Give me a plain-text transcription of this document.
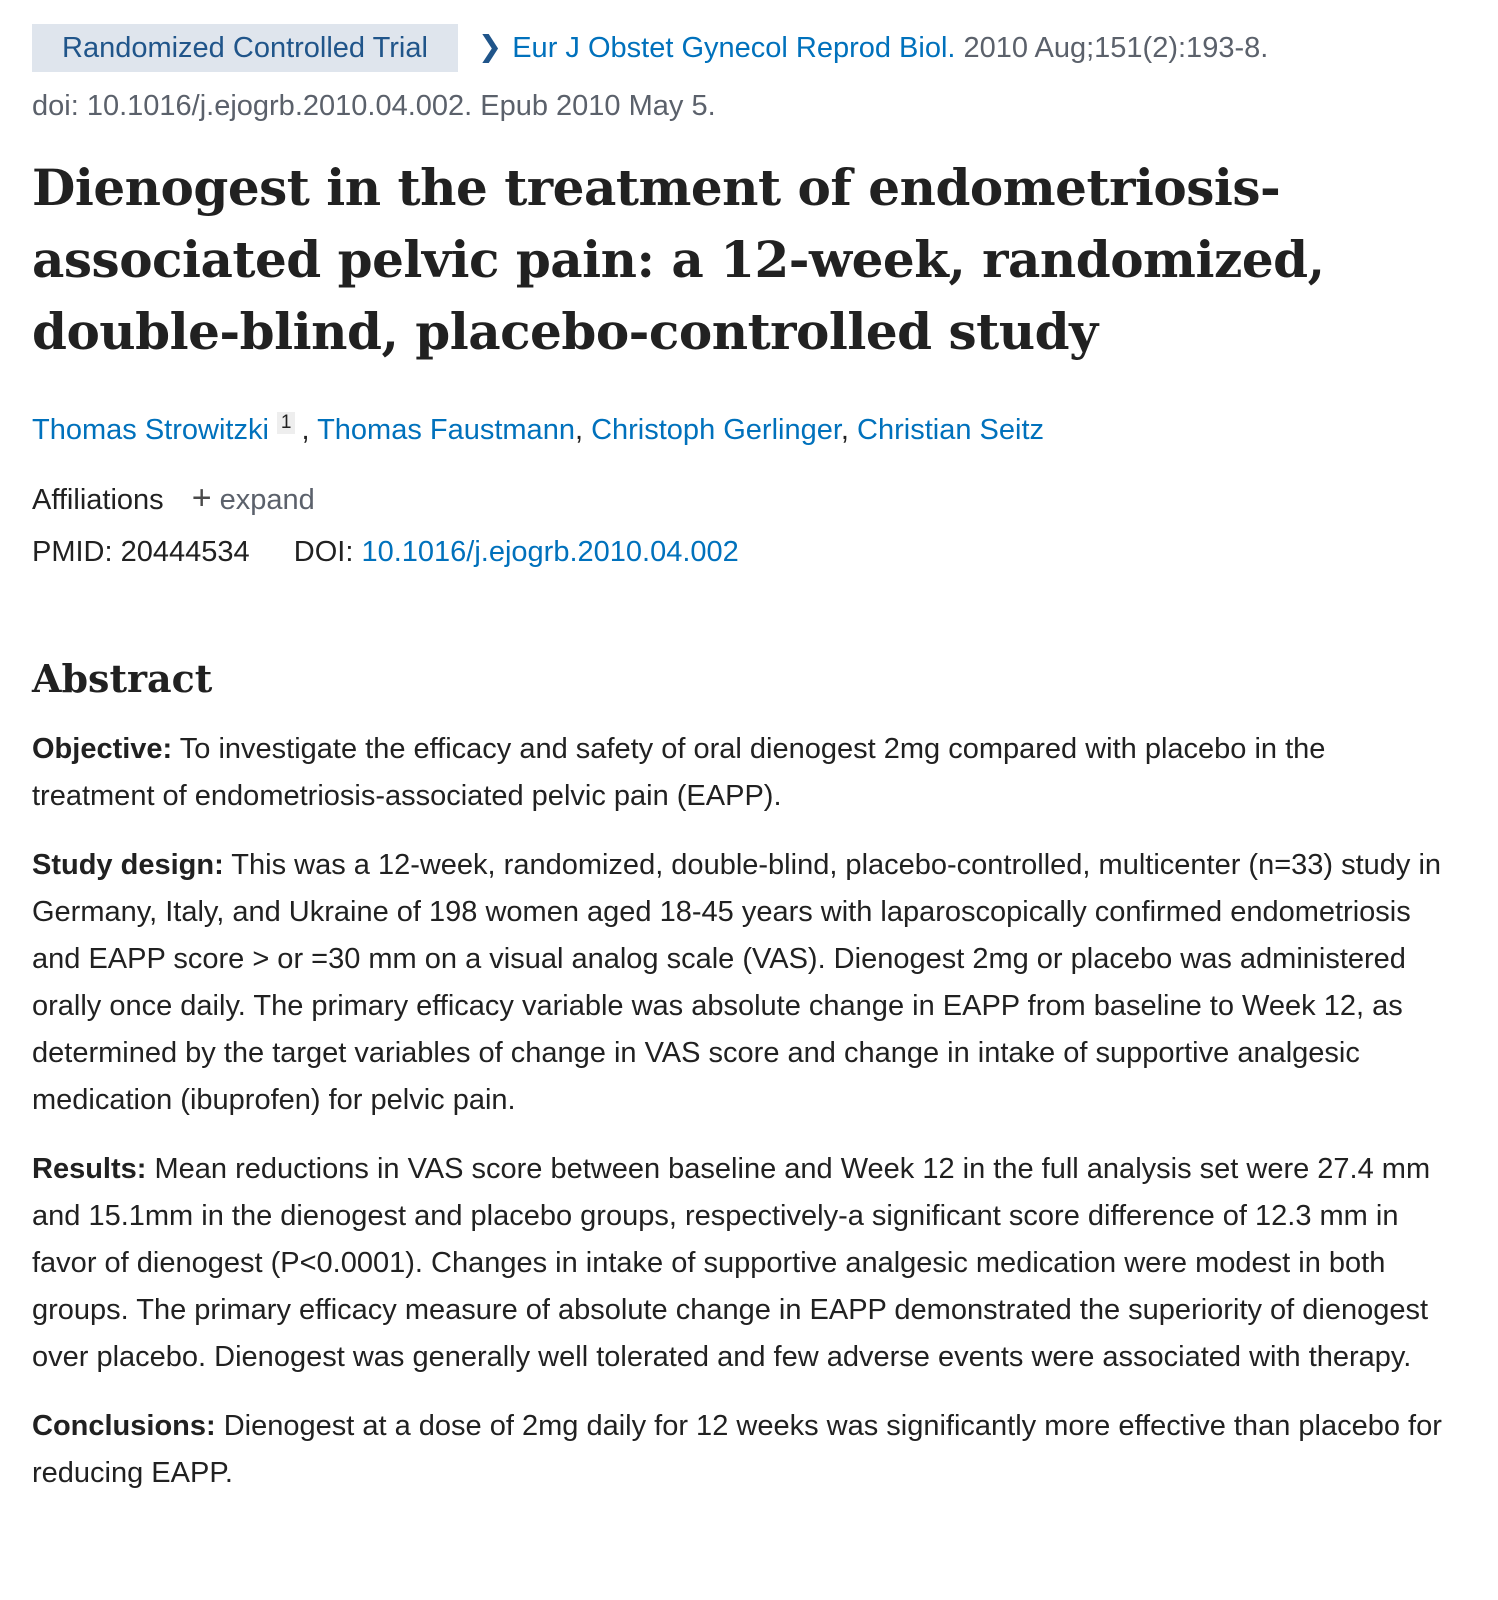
Randomized Controlled Trial ❯ Eur J Obstet Gynecol Reprod Biol. 2010 Aug;151(2):193-8.
doi: 10.1016/j.ejogrb.2010.04.002. Epub 2010 May 5.
Dienogest in the treatment of endometriosis-associated pelvic pain: a 12-week, randomized, double-blind, placebo-controlled study
Thomas Strowitzki 1 , Thomas Faustmann, Christoph Gerlinger, Christian Seitz
Affiliations + expand
PMID: 20444534 DOI: 10.1016/j.ejogrb.2010.04.002
Abstract

Objective: To investigate the efficacy and safety of oral dienogest 2mg compared with placebo in the treatment of endometriosis-associated pelvic pain (EAPP).

Study design: This was a 12-week, randomized, double-blind, placebo-controlled, multicenter (n=33) study in Germany, Italy, and Ukraine of 198 women aged 18-45 years with laparoscopically confirmed endometriosis and EAPP score > or =30 mm on a visual analog scale (VAS). Dienogest 2mg or placebo was administered orally once daily. The primary efficacy variable was absolute change in EAPP from baseline to Week 12, as determined by the target variables of change in VAS score and change in intake of supportive analgesic medication (ibuprofen) for pelvic pain.

Results: Mean reductions in VAS score between baseline and Week 12 in the full analysis set were 27.4 mm and 15.1mm in the dienogest and placebo groups, respectively-a significant score difference of 12.3 mm in favor of dienogest (P<0.0001). Changes in intake of supportive analgesic medication were modest in both groups. The primary efficacy measure of absolute change in EAPP demonstrated the superiority of dienogest over placebo. Dienogest was generally well tolerated and few adverse events were associated with therapy.

Conclusions: Dienogest at a dose of 2mg daily for 12 weeks was significantly more effective than placebo for reducing EAPP.
